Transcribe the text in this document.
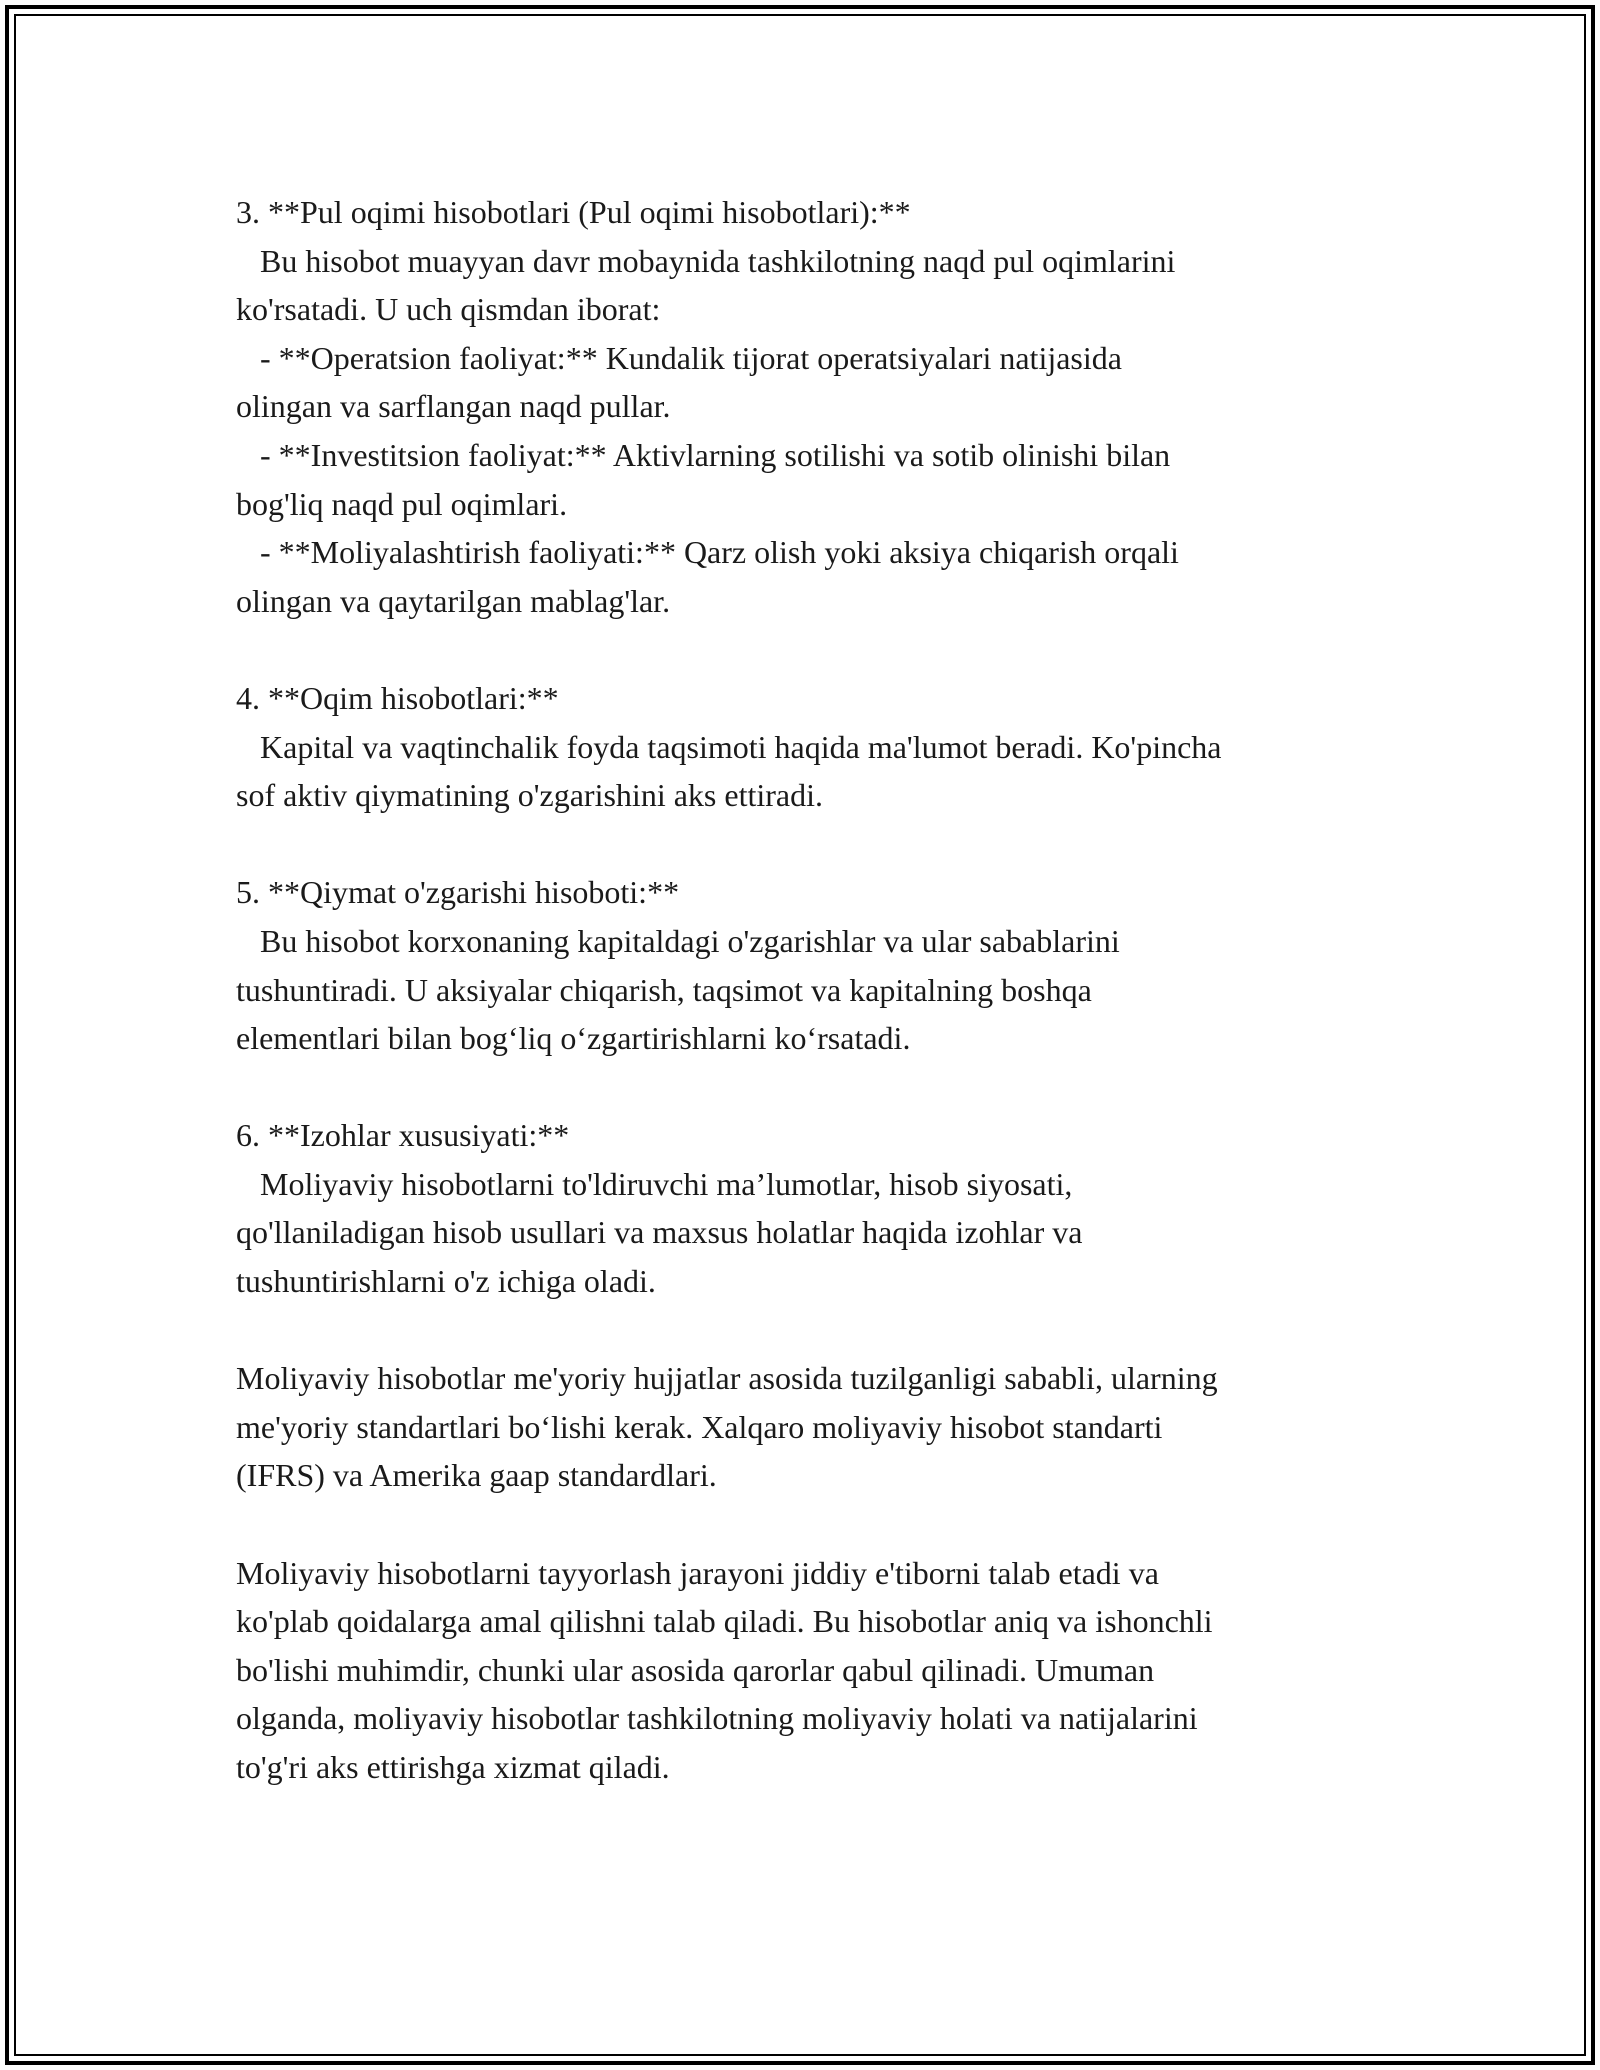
3. **Pul oqimi hisobotlari (Pul oqimi hisobotlari):**

Bu hisobot muayyan davr mobaynida tashkilotning naqd pul oqimlarini

ko'rsatadi. U uch qismdan iborat:

- **Operatsion faoliyat:** Kundalik tijorat operatsiyalari natijasida

olingan va sarflangan naqd pullar.

- **Investitsion faoliyat:** Aktivlarning sotilishi va sotib olinishi bilan

bog'liq naqd pul oqimlari.

- **Moliyalashtirish faoliyati:** Qarz olish yoki aksiya chiqarish orqali

olingan va qaytarilgan mablag'lar.

4. **Oqim hisobotlari:**

Kapital va vaqtinchalik foyda taqsimoti haqida ma'lumot beradi. Ko'pincha

sof aktiv qiymatining o'zgarishini aks ettiradi.

5. **Qiymat o'zgarishi hisoboti:**

Bu hisobot korxonaning kapitaldagi o'zgarishlar va ular sabablarini

tushuntiradi. U aksiyalar chiqarish, taqsimot va kapitalning boshqa

elementlari bilan bog‘liq o‘zgartirishlarni ko‘rsatadi.

6. **Izohlar xususiyati:**

Moliyaviy hisobotlarni to'ldiruvchi ma’lumotlar, hisob siyosati,

qo'llaniladigan hisob usullari va maxsus holatlar haqida izohlar va

tushuntirishlarni o'z ichiga oladi.

Moliyaviy hisobotlar me'yoriy hujjatlar asosida tuzilganligi sababli, ularning

me'yoriy standartlari bo‘lishi kerak. Xalqaro moliyaviy hisobot standarti

(IFRS) va Amerika gaap standardlari.

Moliyaviy hisobotlarni tayyorlash jarayoni jiddiy e'tiborni talab etadi va

ko'plab qoidalarga amal qilishni talab qiladi. Bu hisobotlar aniq va ishonchli

bo'lishi muhimdir, chunki ular asosida qarorlar qabul qilinadi. Umuman

olganda, moliyaviy hisobotlar tashkilotning moliyaviy holati va natijalarini

to'g'ri aks ettirishga xizmat qiladi.
